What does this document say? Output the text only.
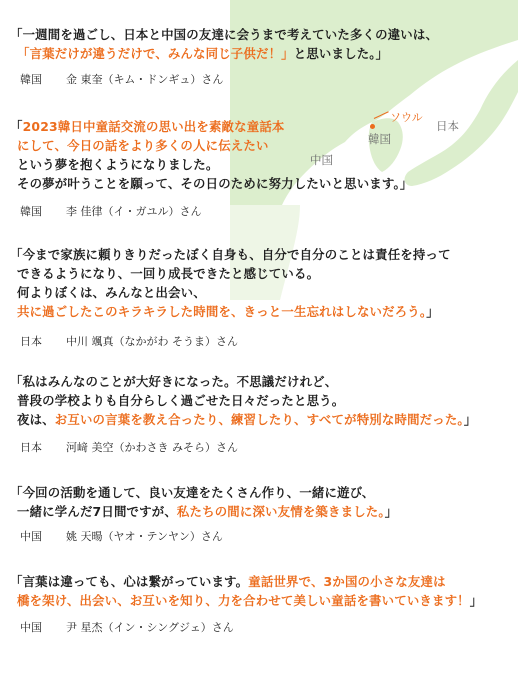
中国
韓国
日本
ソウル
「一週間を過ごし、日本と中国の友達に会うまで考えていた多くの違いは、
「言葉だけが違うだけで、みんな同じ子供だ！」と思いました。」
韓国 金 東奎（キム・ドンギュ）さん
「2023韓日中童話交流の思い出を素敵な童話本
にして、今日の話をより多くの人に伝えたい
という夢を抱くようになりました。
その夢が叶うことを願って、その日のために努力したいと思います。」
韓国 李 佳律（イ・ガユル）さん
「今まで家族に頼りきりだったぼく自身も、自分で自分のことは責任を持って
できるようになり、一回り成長できたと感じている。
何よりぼくは、みんなと出会い、
共に過ごしたこのキラキラした時間を、きっと一生忘れはしないだろう。」
日本 中川 颯真（なかがわ そうま）さん
「私はみんなのことが大好きになった。不思議だけれど、
普段の学校よりも自分らしく過ごせた日々だったと思う。
夜は、お互いの言葉を教え合ったり、練習したり、すべてが特別な時間だった。」
日本 河﨑 美空（かわさき みそら）さん
「今回の活動を通して、良い友達をたくさん作り、一緒に遊び、
一緒に学んだ7日間ですが、私たちの間に深い友情を築きました。」
中国 姚 天暘（ヤオ・テンヤン）さん
「言葉は違っても、心は繋がっています。童話世界で、3か国の小さな友達は
橋を架け、出会い、お互いを知り、力を合わせて美しい童話を書いていきます！」
中国 尹 星杰（イン・シングジェ）さん
